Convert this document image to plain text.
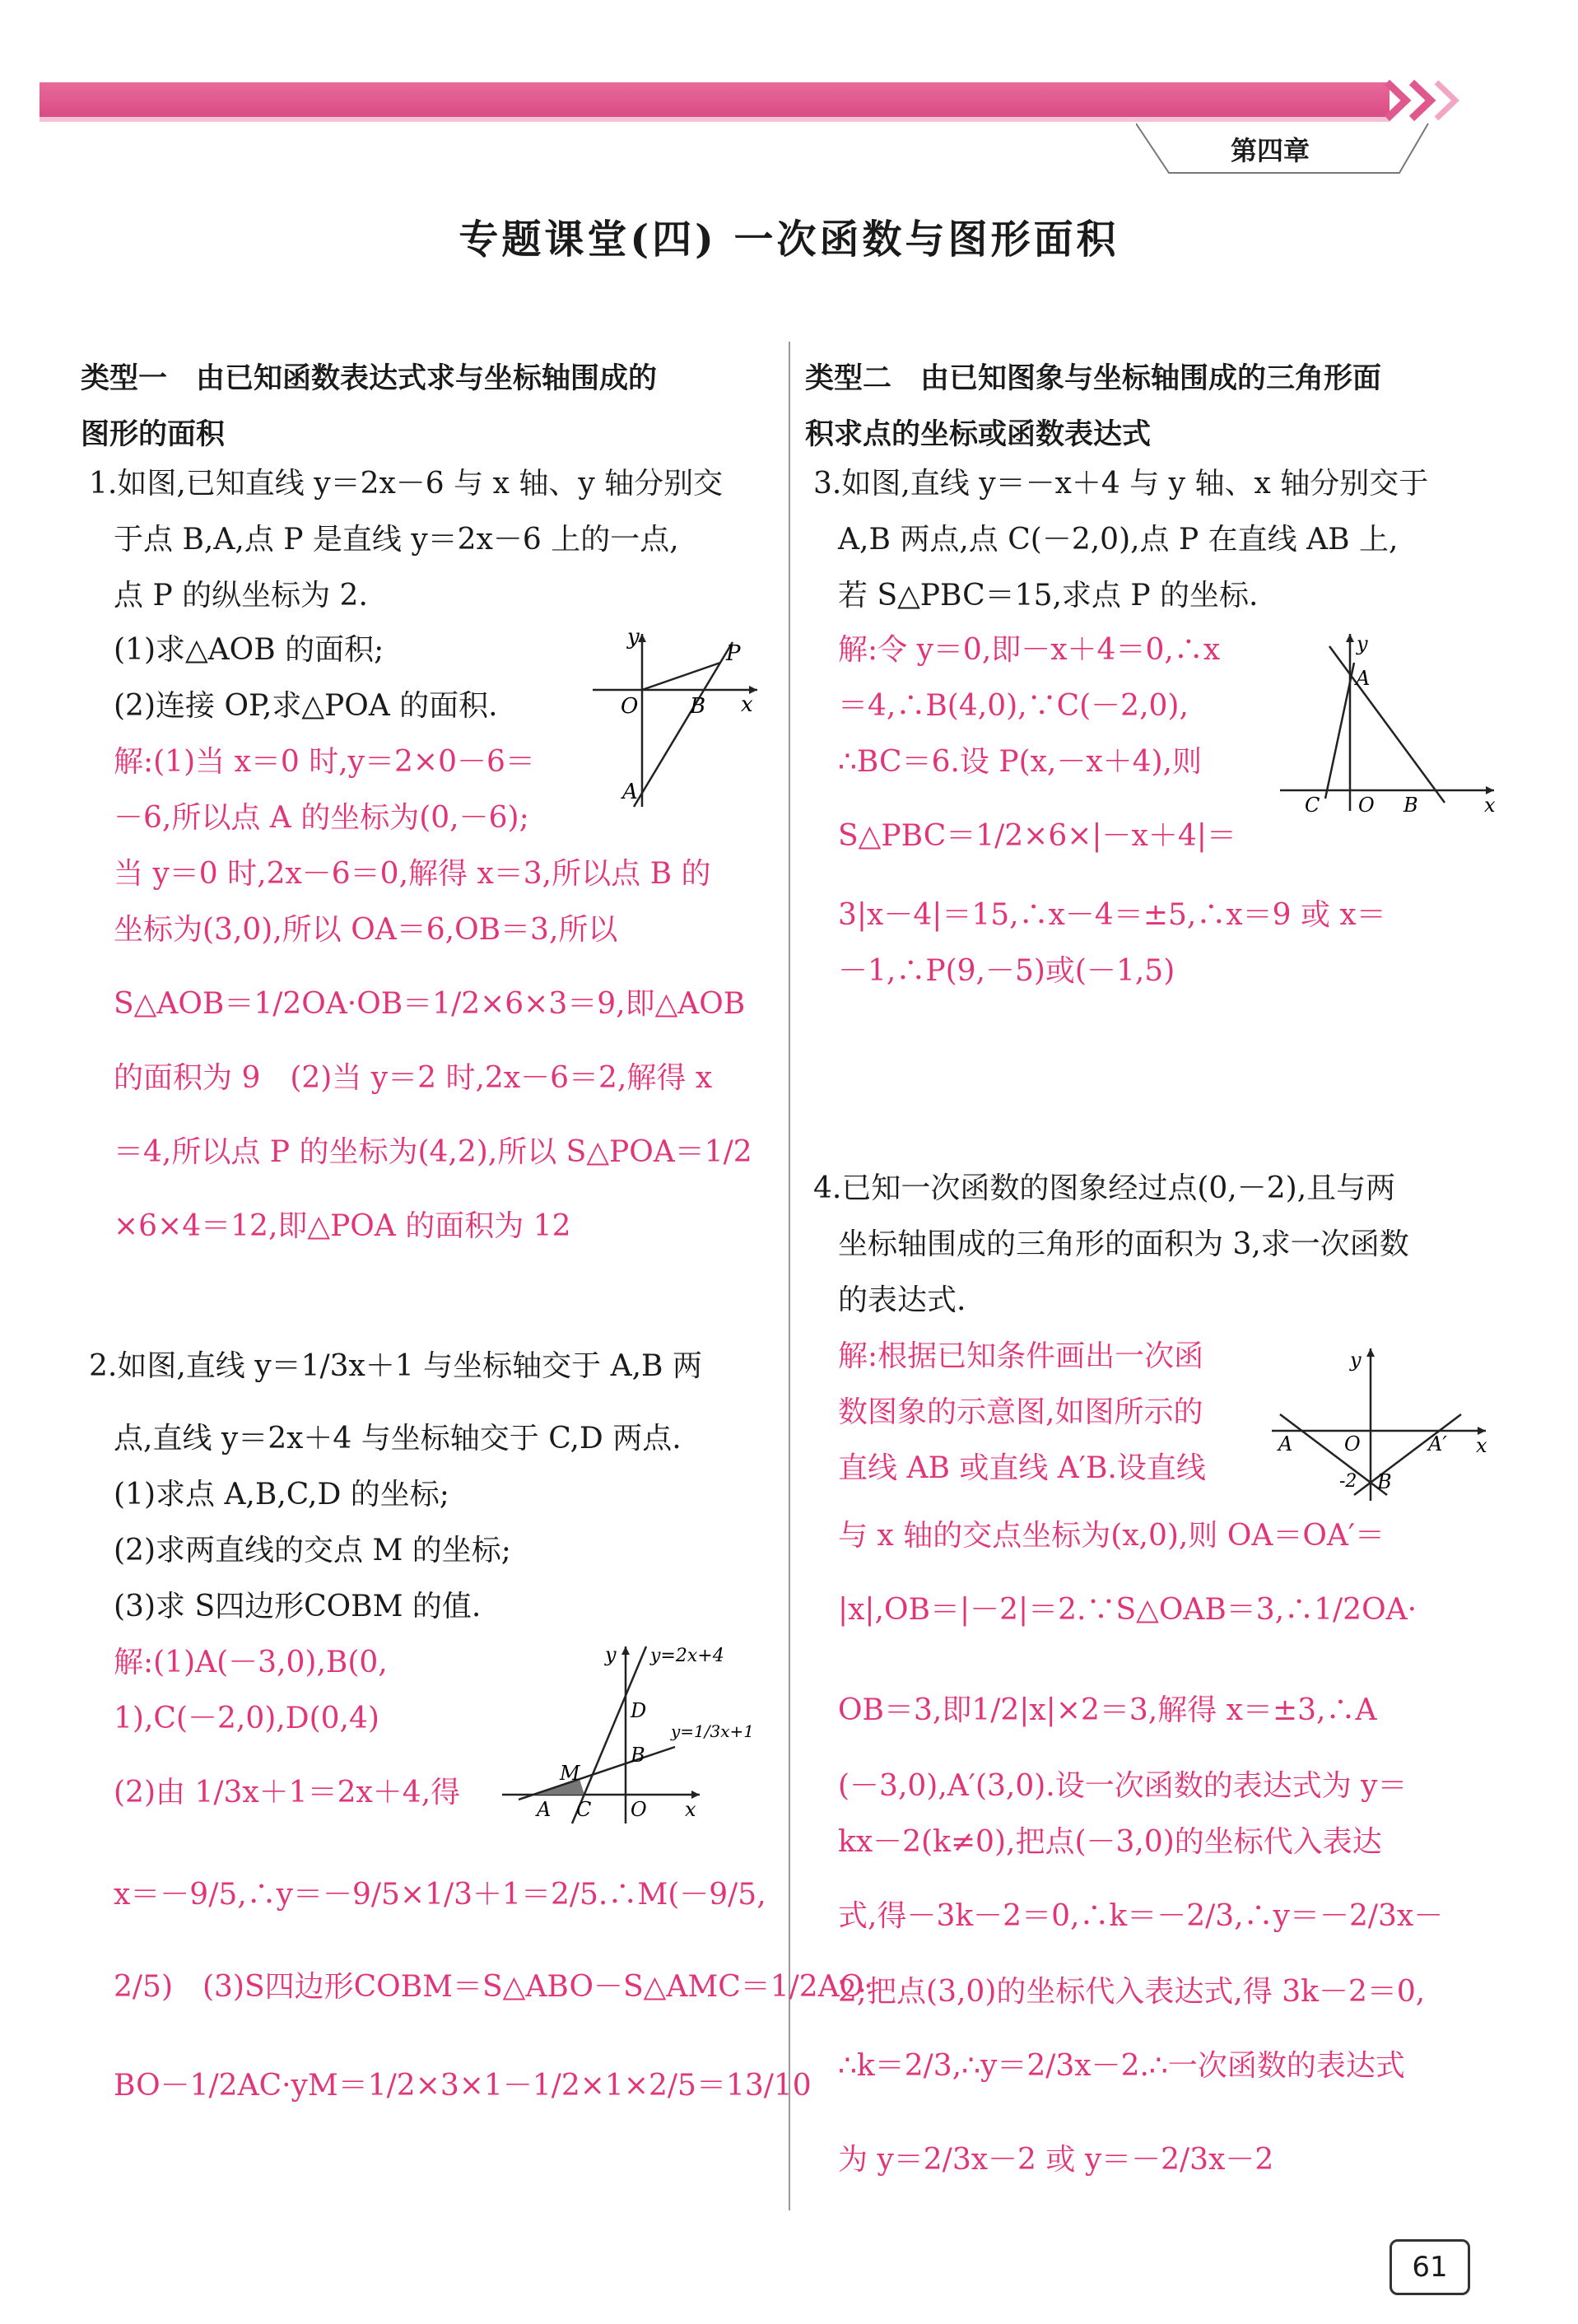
第四章
专题课堂(四) 一次函数与图形面积
类型一　由已知函数表达式求与坐标轴围成的
图形的面积
1.如图,已知直线 y＝2x－6 与 x 轴、y 轴分别交
于点 B,A,点 P 是直线 y＝2x－6 上的一点,
点 P 的纵坐标为 2.
(1)求△AOB 的面积;
(2)连接 OP,求△POA 的面积.
解:(1)当 x＝0 时,y＝2×0－6＝
－6,所以点 A 的坐标为(0,－6);
当 y＝0 时,2x－6＝0,解得 x＝3,所以点 B 的
坐标为(3,0),所以 OA＝6,OB＝3,所以
S△AOB＝1/2OA·OB＝1/2×6×3＝9,即△AOB
的面积为 9　(2)当 y＝2 时,2x－6＝2,解得 x
＝4,所以点 P 的坐标为(4,2),所以 S△POA＝1/2
×6×4＝12,即△POA 的面积为 12
y
x
O B
P
A
2.如图,直线 y＝1/3x＋1 与坐标轴交于 A,B 两
点,直线 y＝2x＋4 与坐标轴交于 C,D 两点.
(1)求点 A,B,C,D 的坐标;
(2)求两直线的交点 M 的坐标;
(3)求 S四边形COBM 的值.
解:(1)A(－3,0),B(0,
1),C(－2,0),D(0,4)
(2)由 1/3x＋1＝2x＋4,得
x＝－9/5,∴y＝－9/5×1/3＋1＝2/5.∴M(－9/5,
2/5)　(3)S四边形COBM＝S△ABO－S△AMC＝1/2AO·
BO－1/2AC·yM＝1/2×3×1－1/2×1×2/5＝13/10
y
x
O
A C
B
D
M
y=2x+4
y=1/3x+1
类型二　由已知图象与坐标轴围成的三角形面
积求点的坐标或函数表达式
3.如图,直线 y＝－x＋4 与 y 轴、x 轴分别交于
A,B 两点,点 C(－2,0),点 P 在直线 AB 上,
若 S△PBC＝15,求点 P 的坐标.
解:令 y＝0,即－x＋4＝0,∴x
＝4,∴B(4,0),∵C(－2,0),
∴BC＝6.设 P(x,－x＋4),则
S△PBC＝1/2×6×|－x＋4|＝
3|x－4|＝15,∴x－4＝±5,∴x＝9 或 x＝
－1,∴P(9,－5)或(－1,5)
y
x
O
C	B
A
4.已知一次函数的图象经过点(0,－2),且与两
坐标轴围成的三角形的面积为 3,求一次函数
的表达式.
解:根据已知条件画出一次函
数图象的示意图,如图所示的
直线 AB 或直线 A′B.设直线
与 x 轴的交点坐标为(x,0),则 OA＝OA′＝
|x|,OB＝|－2|＝2.∵S△OAB＝3,∴1/2OA·
OB＝3,即1/2|x|×2＝3,解得 x＝±3,∴A
(－3,0),A′(3,0).设一次函数的表达式为 y＝
kx－2(k≠0),把点(－3,0)的坐标代入表达
式,得－3k－2＝0,∴k＝－2/3,∴y＝－2/3x－
2;把点(3,0)的坐标代入表达式,得 3k－2＝0,
∴k＝2/3,∴y＝2/3x－2.∴一次函数的表达式
为 y＝2/3x－2 或 y＝－2/3x－2
y
x
O
A	A′
B
-2
61
